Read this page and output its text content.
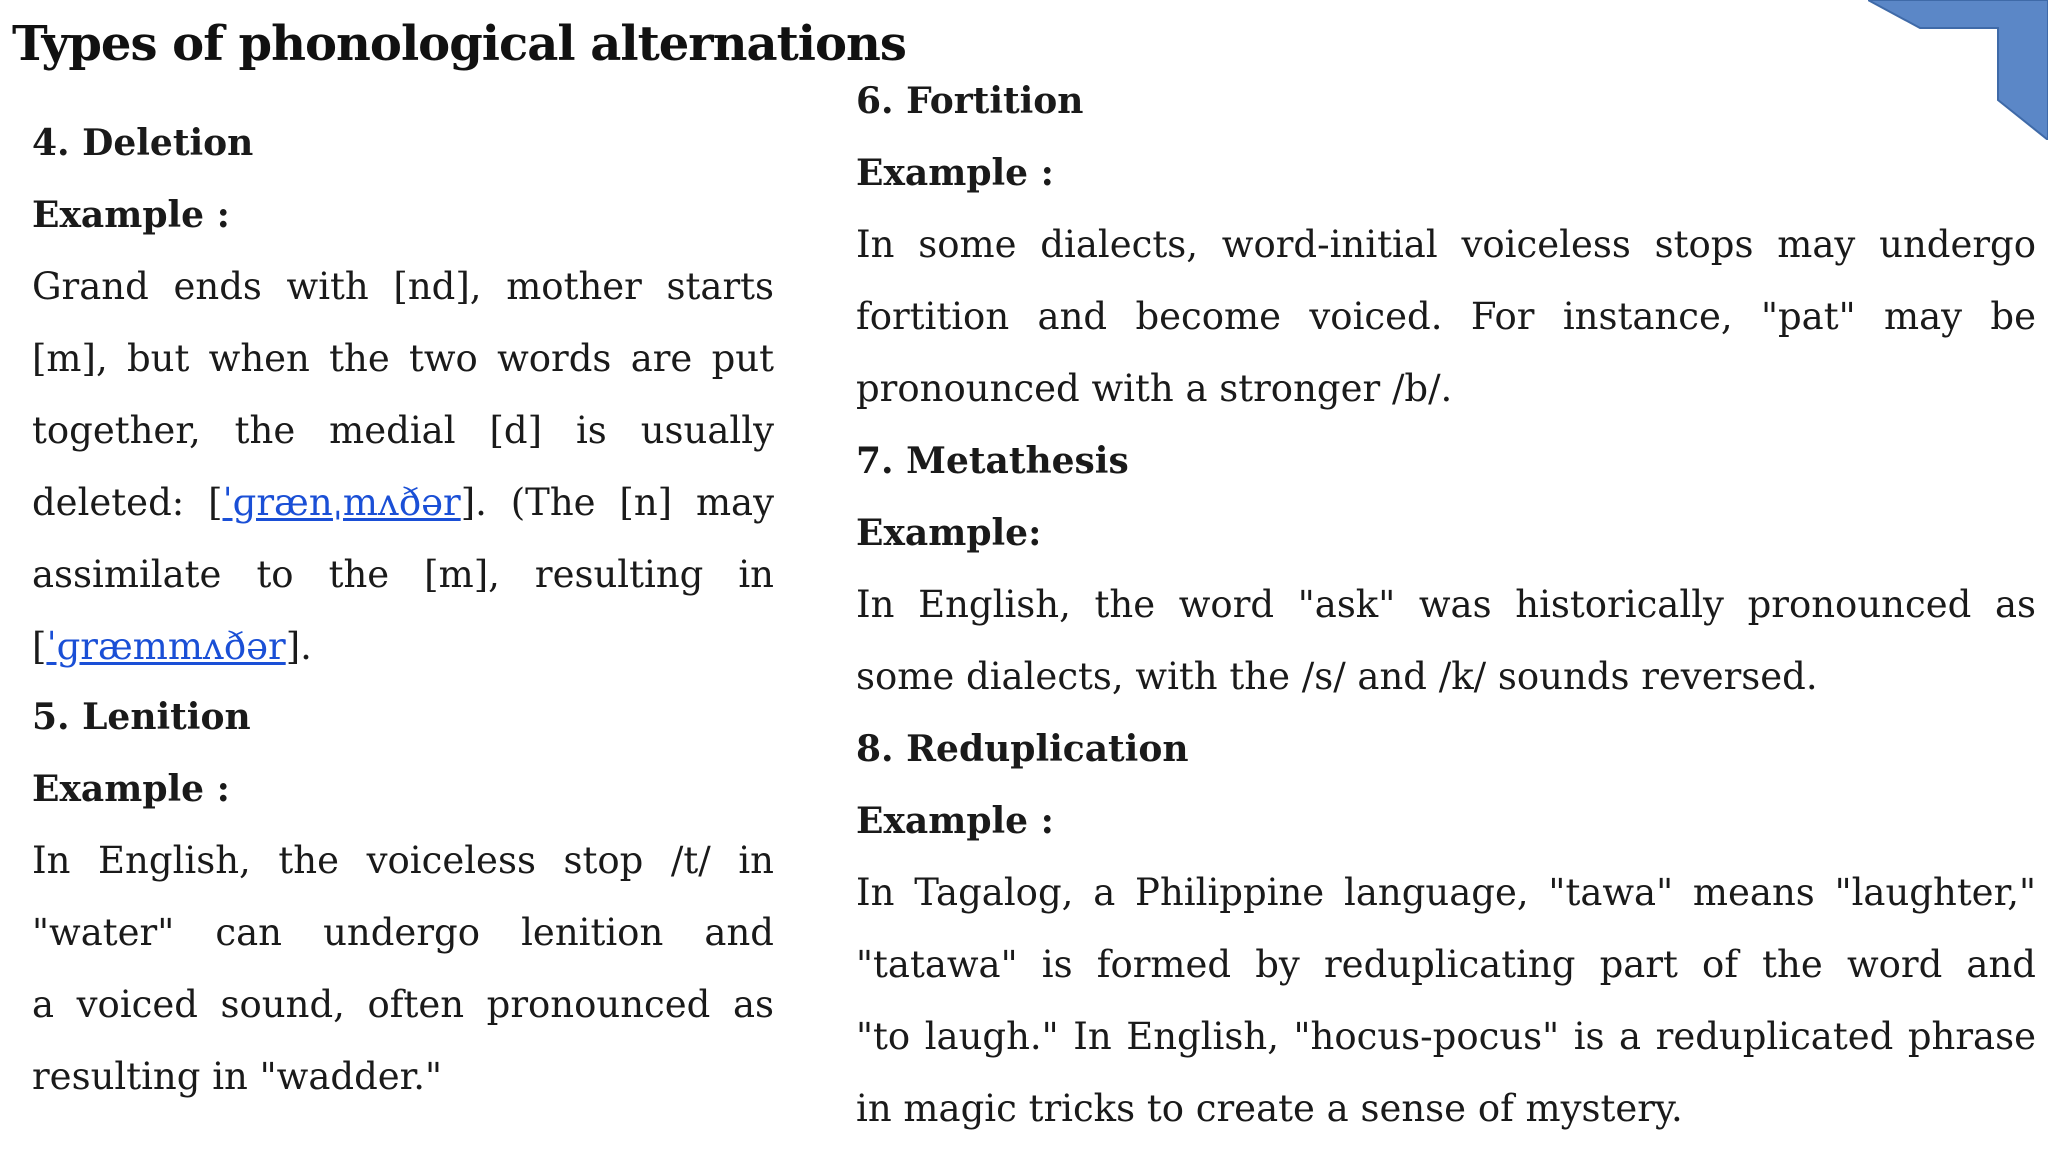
Types of phonological alternations
4. Deletion
Example :
Grand ends with [nd], mother starts
[m], but when the two words are put
together, the medial [d] is usually
deleted: [ˈɡrænˌmʌðər]. (The [n] may
assimilate to the [m], resulting in
[ˈɡræmmʌðər].
5. Lenition
Example :
In English, the voiceless stop /t/ in
"water" can undergo lenition and
a voiced sound, often pronounced as
resulting in "wadder."
6. Fortition
Example :
In some dialects, word-initial voiceless stops may undergo
fortition and become voiced. For instance, "pat" may be
pronounced with a stronger /b/.
7. Metathesis
Example:
In English, the word "ask" was historically pronounced as
some dialects, with the /s/ and /k/ sounds reversed.
8. Reduplication
Example :
In Tagalog, a Philippine language, "tawa" means "laughter,"
"tatawa" is formed by reduplicating part of the word and
"to laugh." In English, "hocus-pocus" is a reduplicated phrase
in magic tricks to create a sense of mystery.
